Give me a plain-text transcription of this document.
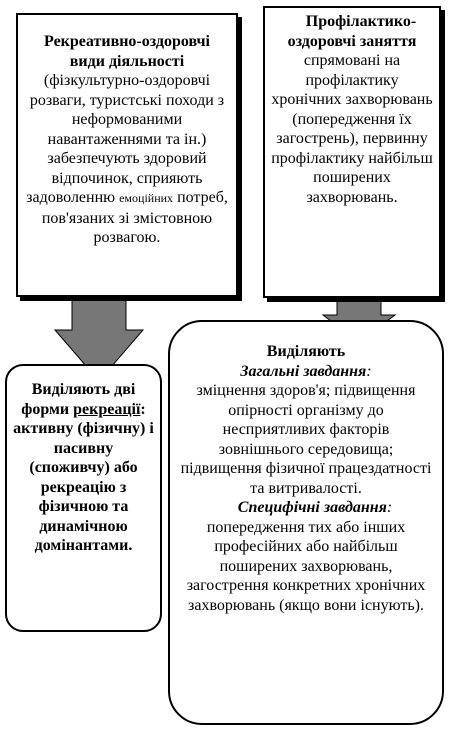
Рекреативно-оздоровчі
види діяльності
(фізкультурно-оздоровчі розваги, туристські походи з неформованими навантаженнями та ін.) забезпечують здоровий відпочинок, сприяють задоволенню емоційних потреб, пов'язаних зі змістовною розвагою.
Профілактико-
оздоровчі заняття
спрямовані на профілактику хронічних захворювань (попередження їх загострень), первинну профілактику найбільш поширених захворювань.
Виділяють дві форми рекреації: активну (фізичну) і пасивну (споживчу) або рекреацію з фізичною та динамічною домінантами.
Виділяють
Загальні завдання:
зміцнення здоров'я; підвищення опірності організму до несприятливих факторів зовнішнього середовища; підвищення фізичної працездатності та витривалості.
Специфічні завдання:
попередження тих або інших професійних або найбільш поширених захворювань, загострення конкретних хронічних захворювань (якщо вони існують).
